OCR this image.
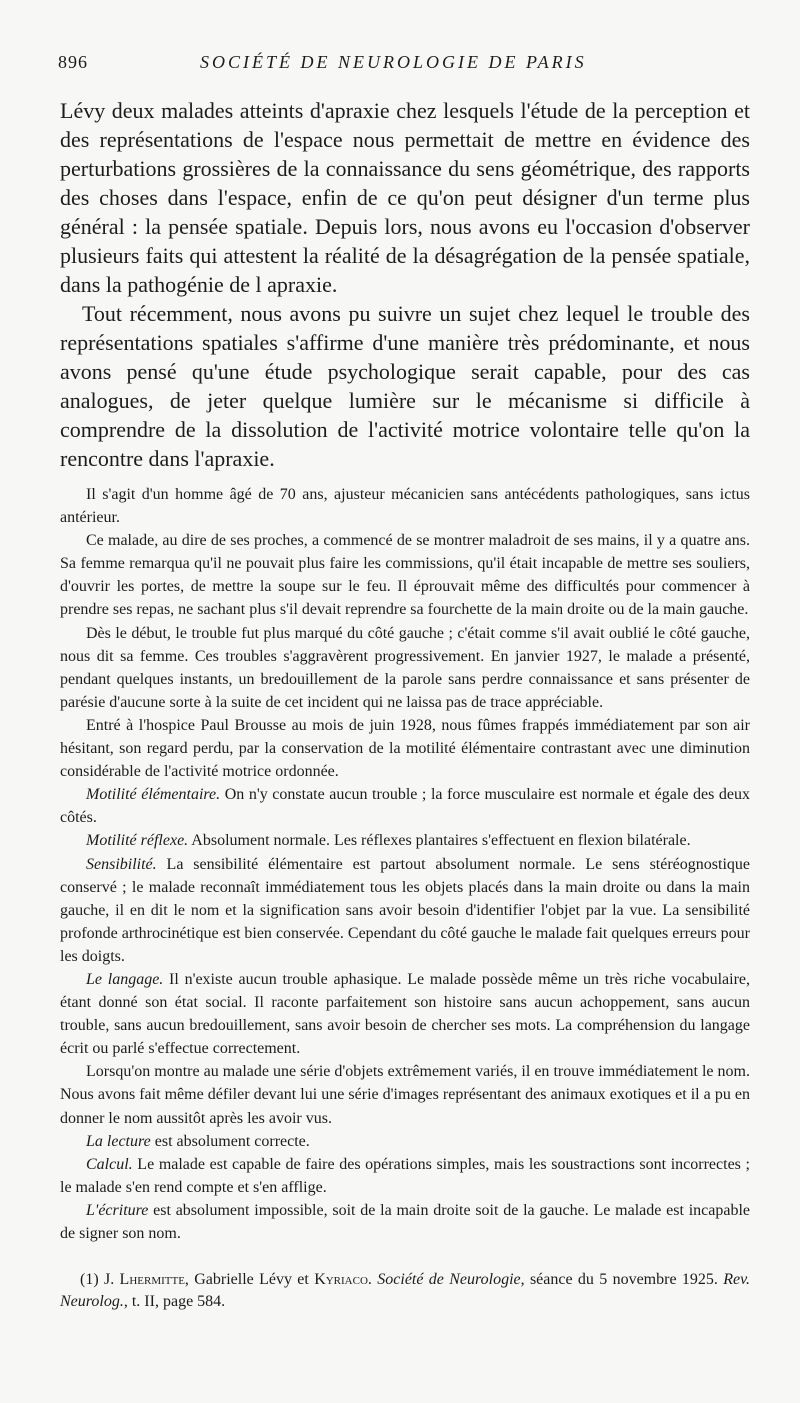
896	SOCIÉTÉ DE NEUROLOGIE DE PARIS

Lévy deux malades atteints d'apraxie chez lesquels l'étude de la perception et des représentations de l'espace nous permettait de mettre en évidence des perturbations grossières de la connaissance du sens géométrique, des rapports des choses dans l'espace, enfin de ce qu'on peut désigner d'un terme plus général : la pensée spatiale. Depuis lors, nous avons eu l'occasion d'observer plusieurs faits qui attestent la réalité de la désagrégation de la pensée spatiale, dans la pathogénie de l apraxie.

Tout récemment, nous avons pu suivre un sujet chez lequel le trouble des représentations spatiales s'affirme d'une manière très prédominante, et nous avons pensé qu'une étude psychologique serait capable, pour des cas analogues, de jeter quelque lumière sur le mécanisme si difficile à comprendre de la dissolution de l'activité motrice volontaire telle qu'on la rencontre dans l'apraxie.

Il s'agit d'un homme âgé de 70 ans, ajusteur mécanicien sans antécédents pathologiques, sans ictus antérieur.

Ce malade, au dire de ses proches, a commencé de se montrer maladroit de ses mains, il y a quatre ans. Sa femme remarqua qu'il ne pouvait plus faire les commissions, qu'il était incapable de mettre ses souliers, d'ouvrir les portes, de mettre la soupe sur le feu. Il éprouvait même des difficultés pour commencer à prendre ses repas, ne sachant plus s'il devait reprendre sa fourchette de la main droite ou de la main gauche.

Dès le début, le trouble fut plus marqué du côté gauche ; c'était comme s'il avait oublié le côté gauche, nous dit sa femme. Ces troubles s'aggravèrent progressivement. En janvier 1927, le malade a présenté, pendant quelques instants, un bredouillement de la parole sans perdre connaissance et sans présenter de parésie d'aucune sorte à la suite de cet incident qui ne laissa pas de trace appréciable.

Entré à l'hospice Paul Brousse au mois de juin 1928, nous fûmes frappés immédiatement par son air hésitant, son regard perdu, par la conservation de la motilité élémentaire contrastant avec une diminution considérable de l'activité motrice ordonnée.

Motilité élémentaire. On n'y constate aucun trouble ; la force musculaire est normale et égale des deux côtés.

Motilité réflexe. Absolument normale. Les réflexes plantaires s'effectuent en flexion bilatérale.

Sensibilité. La sensibilité élémentaire est partout absolument normale. Le sens stéréognostique conservé ; le malade reconnaît immédiatement tous les objets placés dans la main droite ou dans la main gauche, il en dit le nom et la signification sans avoir besoin d'identifier l'objet par la vue. La sensibilité profonde arthrocinétique est bien conservée. Cependant du côté gauche le malade fait quelques erreurs pour les doigts.

Le langage. Il n'existe aucun trouble aphasique. Le malade possède même un très riche vocabulaire, étant donné son état social. Il raconte parfaitement son histoire sans aucun achoppement, sans aucun trouble, sans aucun bredouillement, sans avoir besoin de chercher ses mots. La compréhension du langage écrit ou parlé s'effectue correctement.

Lorsqu'on montre au malade une série d'objets extrêmement variés, il en trouve immédiatement le nom. Nous avons fait même défiler devant lui une série d'images représentant des animaux exotiques et il a pu en donner le nom aussitôt après les avoir vus.

La lecture est absolument correcte.

Calcul. Le malade est capable de faire des opérations simples, mais les soustractions sont incorrectes ; le malade s'en rend compte et s'en afflige.

L'écriture est absolument impossible, soit de la main droite soit de la gauche. Le malade est incapable de signer son nom.

(1) J. Lhermitte, Gabrielle Lévy et Kyriaco. Société de Neurologie, séance du 5 novembre 1925. Rev. Neurolog., t. II, page 584.
